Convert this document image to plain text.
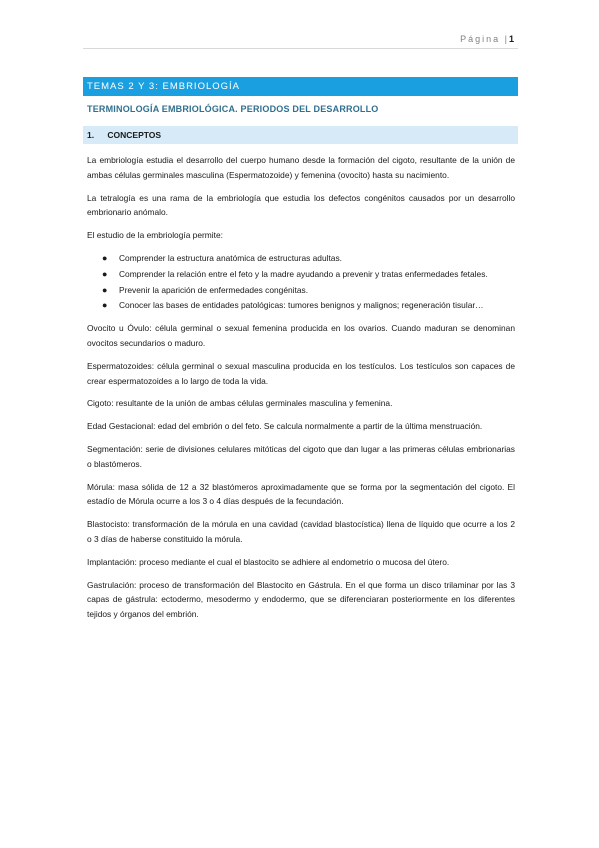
Página | 1
TEMAS 2 Y 3: EMBRIOLOGÍA
TERMINOLOGÍA EMBRIOLÓGICA. PERIODOS DEL DESARROLLO
1. CONCEPTOS

La embriología estudia el desarrollo del cuerpo humano desde la formación del cigoto, resultante de la unión de ambas células germinales masculina (Espermatozoide) y femenina (ovocito) hasta su nacimiento.

La tetralogía es una rama de la embriología que estudia los defectos congénitos causados por un desarrollo embrionario anómalo.

El estudio de la embriología permite:

● Comprender la estructura anatómica de estructuras adultas.
● Comprender la relación entre el feto y la madre ayudando a prevenir y tratas enfermedades fetales.
● Prevenir la aparición de enfermedades congénitas.
● Conocer las bases de entidades patológicas: tumores benignos y malignos; regeneración tisular…

Ovocito u Óvulo: célula germinal o sexual femenina producida en los ovarios. Cuando maduran se denominan ovocitos secundarios o maduro.

Espermatozoides: célula germinal o sexual masculina producida en los testículos. Los testículos son capaces de crear espermatozoides a lo largo de toda la vida.

Cigoto: resultante de la unión de ambas células germinales masculina y femenina.

Edad Gestacional: edad del embrión o del feto. Se calcula normalmente a partir de la última menstruación.

Segmentación: serie de divisiones celulares mitóticas del cigoto que dan lugar a las primeras células embrionarias o blastómeros.

Mórula: masa sólida de 12 a 32 blastómeros aproximadamente que se forma por la segmentación del cigoto. El estadío de Mórula ocurre a los 3 o 4 días después de la fecundación.

Blastocisto: transformación de la mórula en una cavidad (cavidad blastocística) llena de líquido que ocurre a los 2 o 3 días de haberse constituido la mórula.

Implantación: proceso mediante el cual el blastocito se adhiere al endometrio o mucosa del útero.

Gastrulación: proceso de transformación del Blastocito en Gástrula. En el que forma un disco trilaminar por las 3 capas de gástrula: ectodermo, mesodermo y endodermo, que se diferenciaran posteriormente en los diferentes tejidos y órganos del embrión.
